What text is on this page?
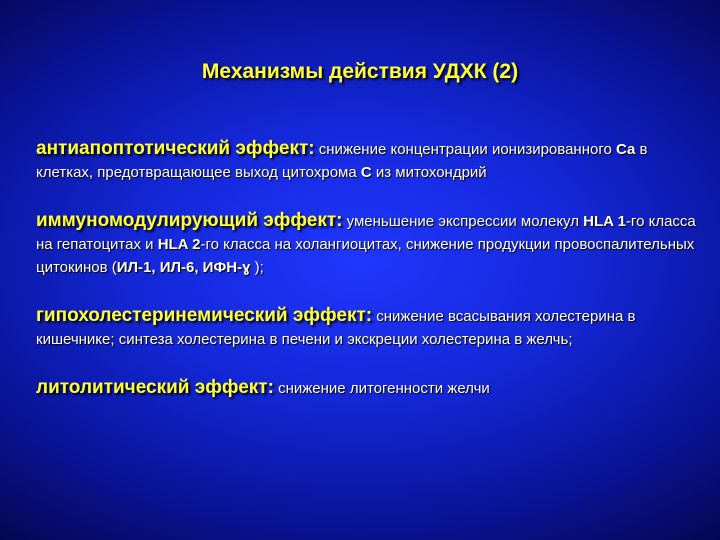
Механизмы действия УДХК (2)

антиапоптотический эффект: снижение концентрации ионизированного Са в клетках, предотвращающее выход цитохрома С из митохондрий

иммуномодулирующий эффект: уменьшение экспрессии молекул HLA 1-го класса на гепатоцитах и HLA 2-го класса на холангиоцитах, снижение продукции провоспалительных цитокинов (ИЛ-1, ИЛ-6, ИФН-ɣ );

гипохолестеринемический эффект: снижение всасывания холестерина в кишечнике; синтеза холестерина в печени и экскреции холестерина в желчь;

литолитический эффект: снижение литогенности желчи
